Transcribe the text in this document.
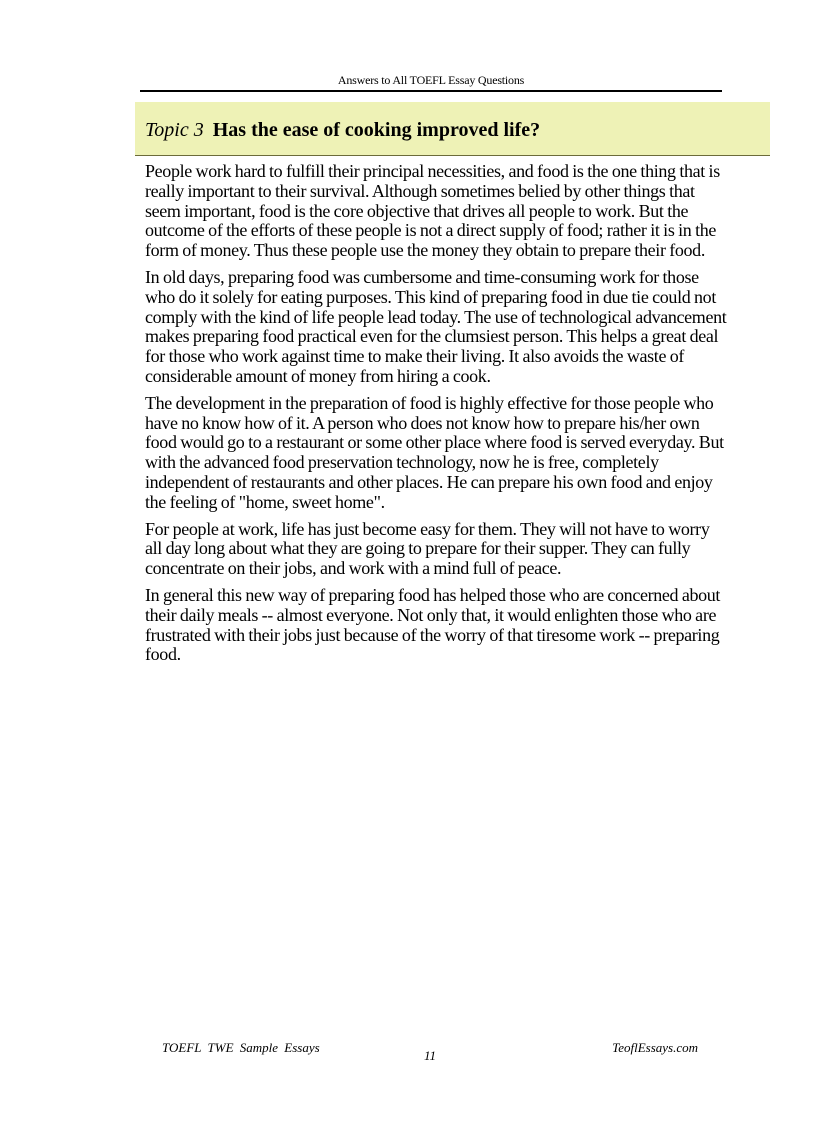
Answers to All TOEFL Essay Questions
Topic 3 Has the ease of cooking improved life?

People work hard to fulfill their principal necessities, and food is the one thing that is really important to their survival. Although sometimes belied by other things that seem important, food is the core objective that drives all people to work. But the outcome of the efforts of these people is not a direct supply of food; rather it is in the form of money. Thus these people use the money they obtain to prepare their food.

In old days, preparing food was cumbersome and time-consuming work for those who do it solely for eating purposes. This kind of preparing food in due tie could not comply with the kind of life people lead today. The use of technological advancement makes preparing food practical even for the clumsiest person. This helps a great deal for those who work against time to make their living. It also avoids the waste of considerable amount of money from hiring a cook.

The development in the preparation of food is highly effective for those people who have no know how of it. A person who does not know how to prepare his/her own food would go to a restaurant or some other place where food is served everyday. But with the advanced food preservation technology, now he is free, completely independent of restaurants and other places. He can prepare his own food and enjoy the feeling of "home, sweet home".

For people at work, life has just become easy for them. They will not have to worry all day long about what they are going to prepare for their supper. They can fully concentrate on their jobs, and work with a mind full of peace.

In general this new way of preparing food has helped those who are concerned about their daily meals -- almost everyone. Not only that, it would enlighten those who are frustrated with their jobs just because of the worry of that tiresome work -- preparing food.

TOEFL TWE Sample Essays
11
TeoflEssays.com
